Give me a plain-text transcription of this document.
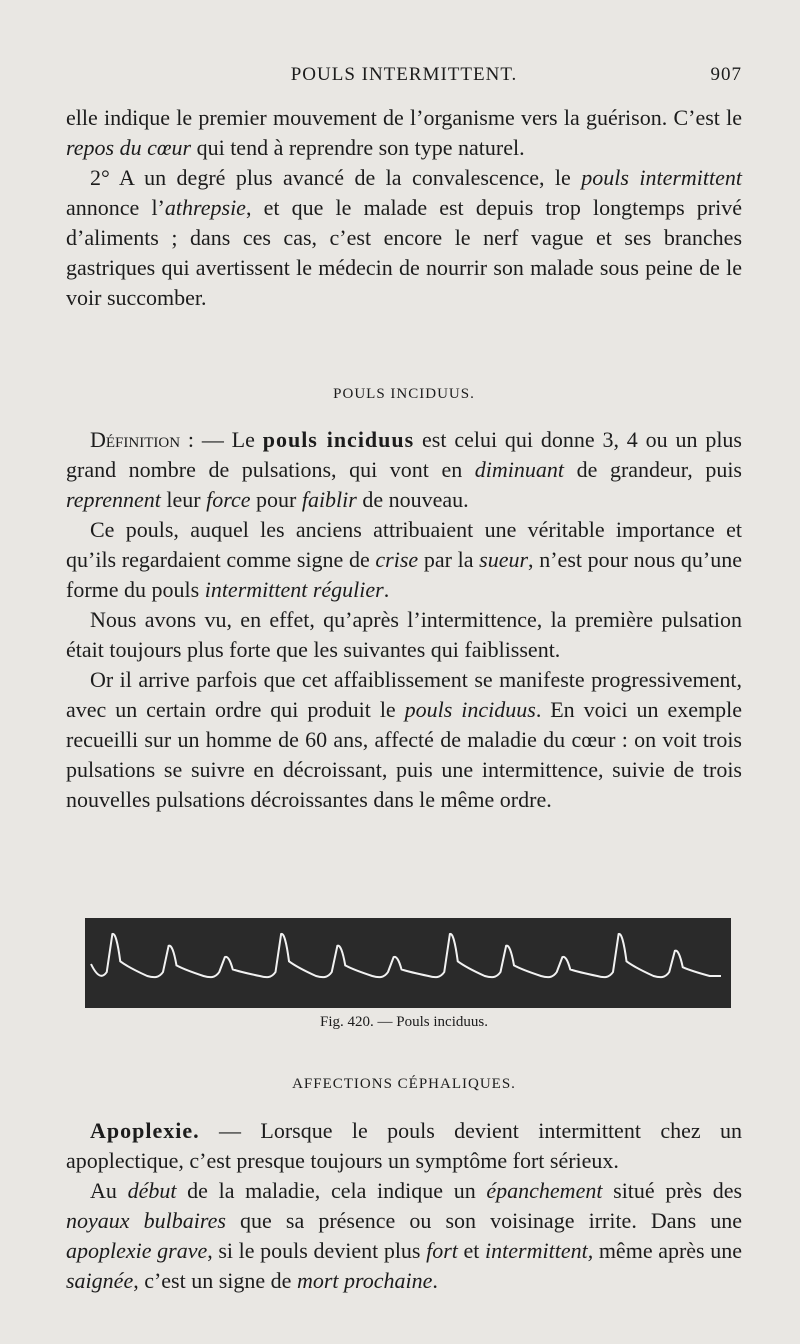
POULS INTERMITTENT.	907

elle indique le premier mouvement de l’organisme vers la guérison. C’est le repos du cœur qui tend à reprendre son type naturel.

2° A un degré plus avancé de la convalescence, le pouls intermittent annonce l’athrepsie, et que le malade est depuis trop longtemps privé d’aliments ; dans ces cas, c’est encore le nerf vague et ses branches gastriques qui avertissent le médecin de nourrir son malade sous peine de le voir succomber.

POULS INCIDUUS.

Définition : — Le pouls inciduus est celui qui donne 3, 4 ou un plus grand nombre de pulsations, qui vont en diminuant de grandeur, puis reprennent leur force pour faiblir de nouveau.

Ce pouls, auquel les anciens attribuaient une véritable importance et qu’ils regardaient comme signe de crise par la sueur, n’est pour nous qu’une forme du pouls intermittent régulier.

Nous avons vu, en effet, qu’après l’intermittence, la première pulsation était toujours plus forte que les suivantes qui faiblissent.

Or il arrive parfois que cet affaiblissement se manifeste progressivement, avec un certain ordre qui produit le pouls inciduus. En voici un exemple recueilli sur un homme de 60 ans, affecté de maladie du cœur : on voit trois pulsations se suivre en décroissant, puis une intermittence, suivie de trois nouvelles pulsations décroissantes dans le même ordre.

Fig. 420. — Pouls inciduus.
AFFECTIONS CÉPHALIQUES.

Apoplexie. — Lorsque le pouls devient intermittent chez un apoplectique, c’est presque toujours un symptôme fort sérieux.

Au début de la maladie, cela indique un épanchement situé près des noyaux bulbaires que sa présence ou son voisinage irrite. Dans une apoplexie grave, si le pouls devient plus fort et intermittent, même après une saignée, c’est un signe de mort prochaine.
